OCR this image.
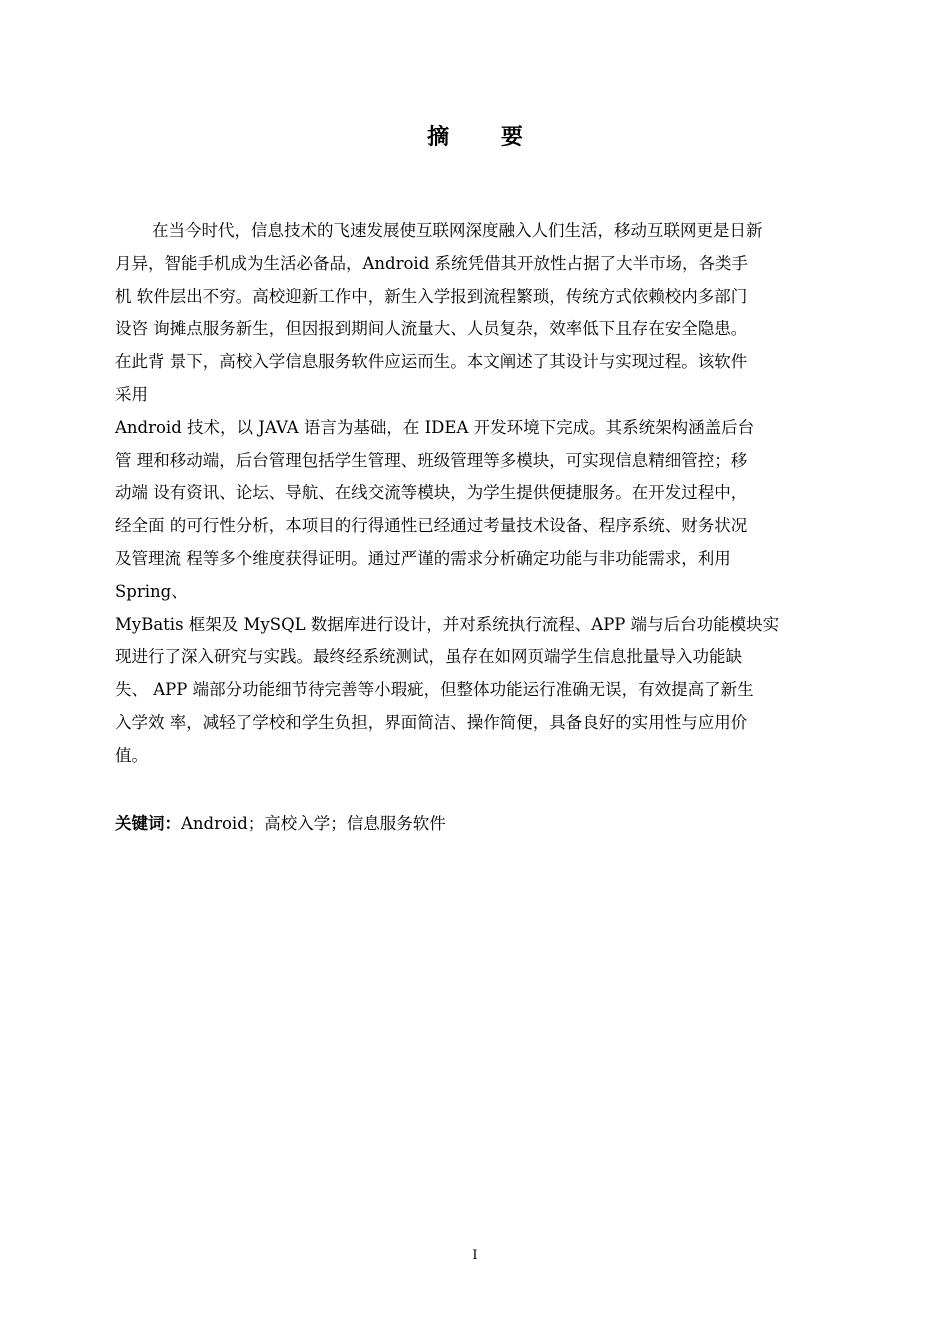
摘 要
在当今时代，信息技术的飞速发展使互联网深度融入人们生活，移动互联网更是日新
月异，智能手机成为生活必备品，Android 系统凭借其开放性占据了大半市场，各类手
机 软件层出不穷。高校迎新工作中，新生入学报到流程繁琐，传统方式依赖校内多部门
设咨 询摊点服务新生，但因报到期间人流量大、人员复杂，效率低下且存在安全隐患。
在此背 景下，高校入学信息服务软件应运而生。本文阐述了其设计与实现过程。该软件
采用
Android 技术，以 JAVA 语言为基础，在 IDEA 开发环境下完成。其系统架构涵盖后台
管 理和移动端，后台管理包括学生管理、班级管理等多模块，可实现信息精细管控；移
动端 设有资讯、论坛、导航、在线交流等模块，为学生提供便捷服务。在开发过程中，
经全面 的可行性分析，本项目的行得通性已经通过考量技术设备、程序系统、财务状况
及管理流 程等多个维度获得证明。通过严谨的需求分析确定功能与非功能需求，利用
Spring、
MyBatis 框架及 MySQL 数据库进行设计，并对系统执行流程、APP 端与后台功能模块实
现进行了深入研究与实践。最终经系统测试，虽存在如网页端学生信息批量导入功能缺
失、 APP 端部分功能细节待完善等小瑕疵，但整体功能运行准确无误，有效提高了新生
入学效 率，减轻了学校和学生负担，界面简洁、操作简便，具备良好的实用性与应用价
值。
关键词：Android；高校入学；信息服务软件
I
